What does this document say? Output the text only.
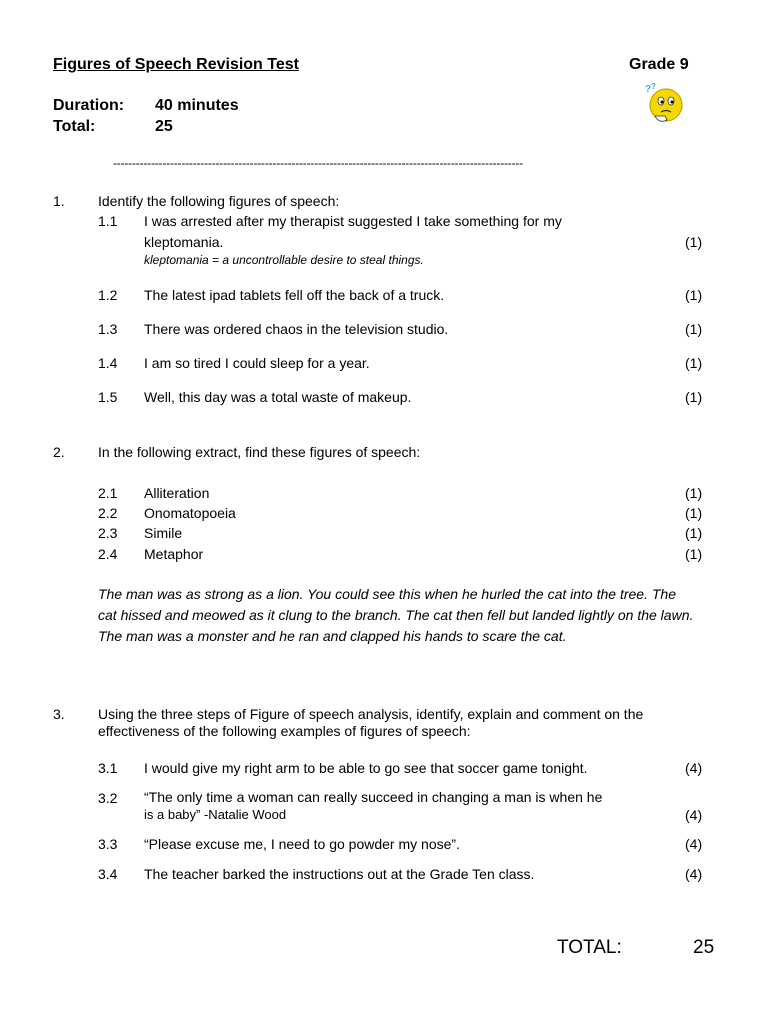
Figures of Speech Revision Test	Grade 9
Duration: 40 minutes
Total:	25
? ?
------------------------------------------------------------------------------------------------------------
1. Identify the following figures of speech:
1.1 I was arrested after my therapist suggested I take something for my
kleptomania.	(1)
kleptomania = a uncontrollable desire to steal things.
1.2 The latest ipad tablets fell off the back of a truck.	(1)
1.3 There was ordered chaos in the television studio.	(1)
1.4 I am so tired I could sleep for a year.	(1)
1.5 Well, this day was a total waste of makeup.	(1)
2. In the following extract, find these figures of speech:
2.1 Alliteration	(1)
2.2 Onomatopoeia	(1)
2.3 Simile	(1)
2.4 Metaphor	(1)
The man was as strong as a lion. You could see this when he hurled the cat into the tree. The cat hissed and meowed as it clung to the branch. The cat then fell but landed lightly on the lawn. The man was a monster and he ran and clapped his hands to scare the cat.
3. Using the three steps of Figure of speech analysis, identify, explain and comment on the
effectiveness of the following examples of figures of speech:
3.1 I would give my right arm to be able to go see that soccer game tonight.	(4)
3.2 “The only time a woman can really succeed in changing a man is when he
is a baby” -Natalie Wood	(4)
3.3 “Please excuse me, I need to go powder my nose”.	(4)
3.4 The teacher barked the instructions out at the Grade Ten class.	(4)
TOTAL:	25
